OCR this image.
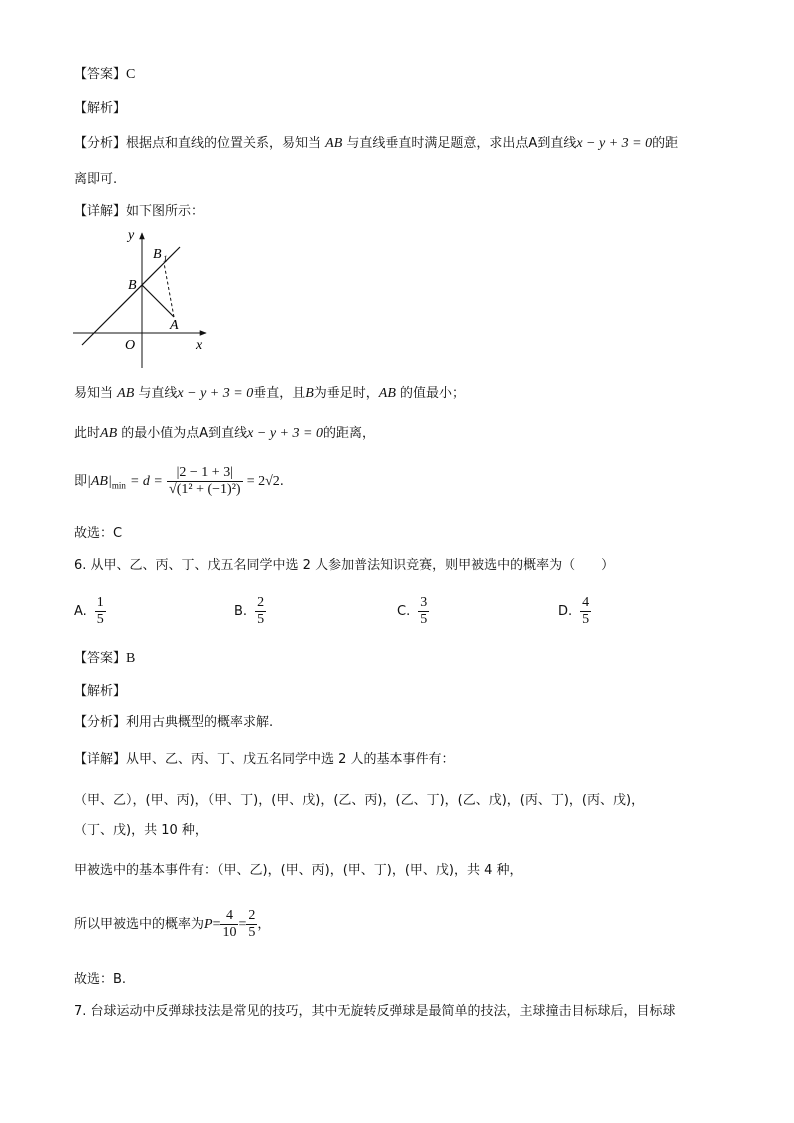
【答案】C
【解析】
【分析】根据点和直线的位置关系，易知当 AB 与直线垂直时满足题意，求出点A到直线x − y + 3 = 0的距
离即可.
【详解】如下图所示：
y
x
O
B
B 1
A
易知当 AB 与直线x − y + 3 = 0垂直，且B为垂足时，AB 的值最小；
此时AB 的最小值为点A到直线x − y + 3 = 0的距离，
即$|AB|_{min} = d = \frac{|2 - 1 + 3|}{\text{√(1² + (−1)²)}} = 2√2$.
故选：C
6. 从甲、乙、丙、丁、戊五名同学中选 2 人参加普法知识竞赛，则甲被选中的概率为（　　）
A. $\frac{1}{5}$	B. $\frac{2}{5}$	C. $\frac{3}{5}$	D. $\frac{4}{5}$
【答案】B
【解析】
【分析】利用古典概型的概率求解.
【详解】从甲、乙、丙、丁、戊五名同学中选 2 人的基本事件有：
（甲、乙），(甲、丙)，（甲、丁)，(甲、戊)，(乙、丙)，(乙、丁)，(乙、戊)，(丙、丁)，(丙、戊)，
（丁、戊)，共 10 种，
甲被选中的基本事件有：（甲、乙)，(甲、丙)，(甲、丁)，(甲、戊)，共 4 种，
所以甲被选中的概率为$P= \frac{4}{10} = \frac{2}{5}$ ，
故选：B.
7. 台球运动中反弹球技法是常见的技巧，其中无旋转反弹球是最简单的技法，主球撞击目标球后，目标球
